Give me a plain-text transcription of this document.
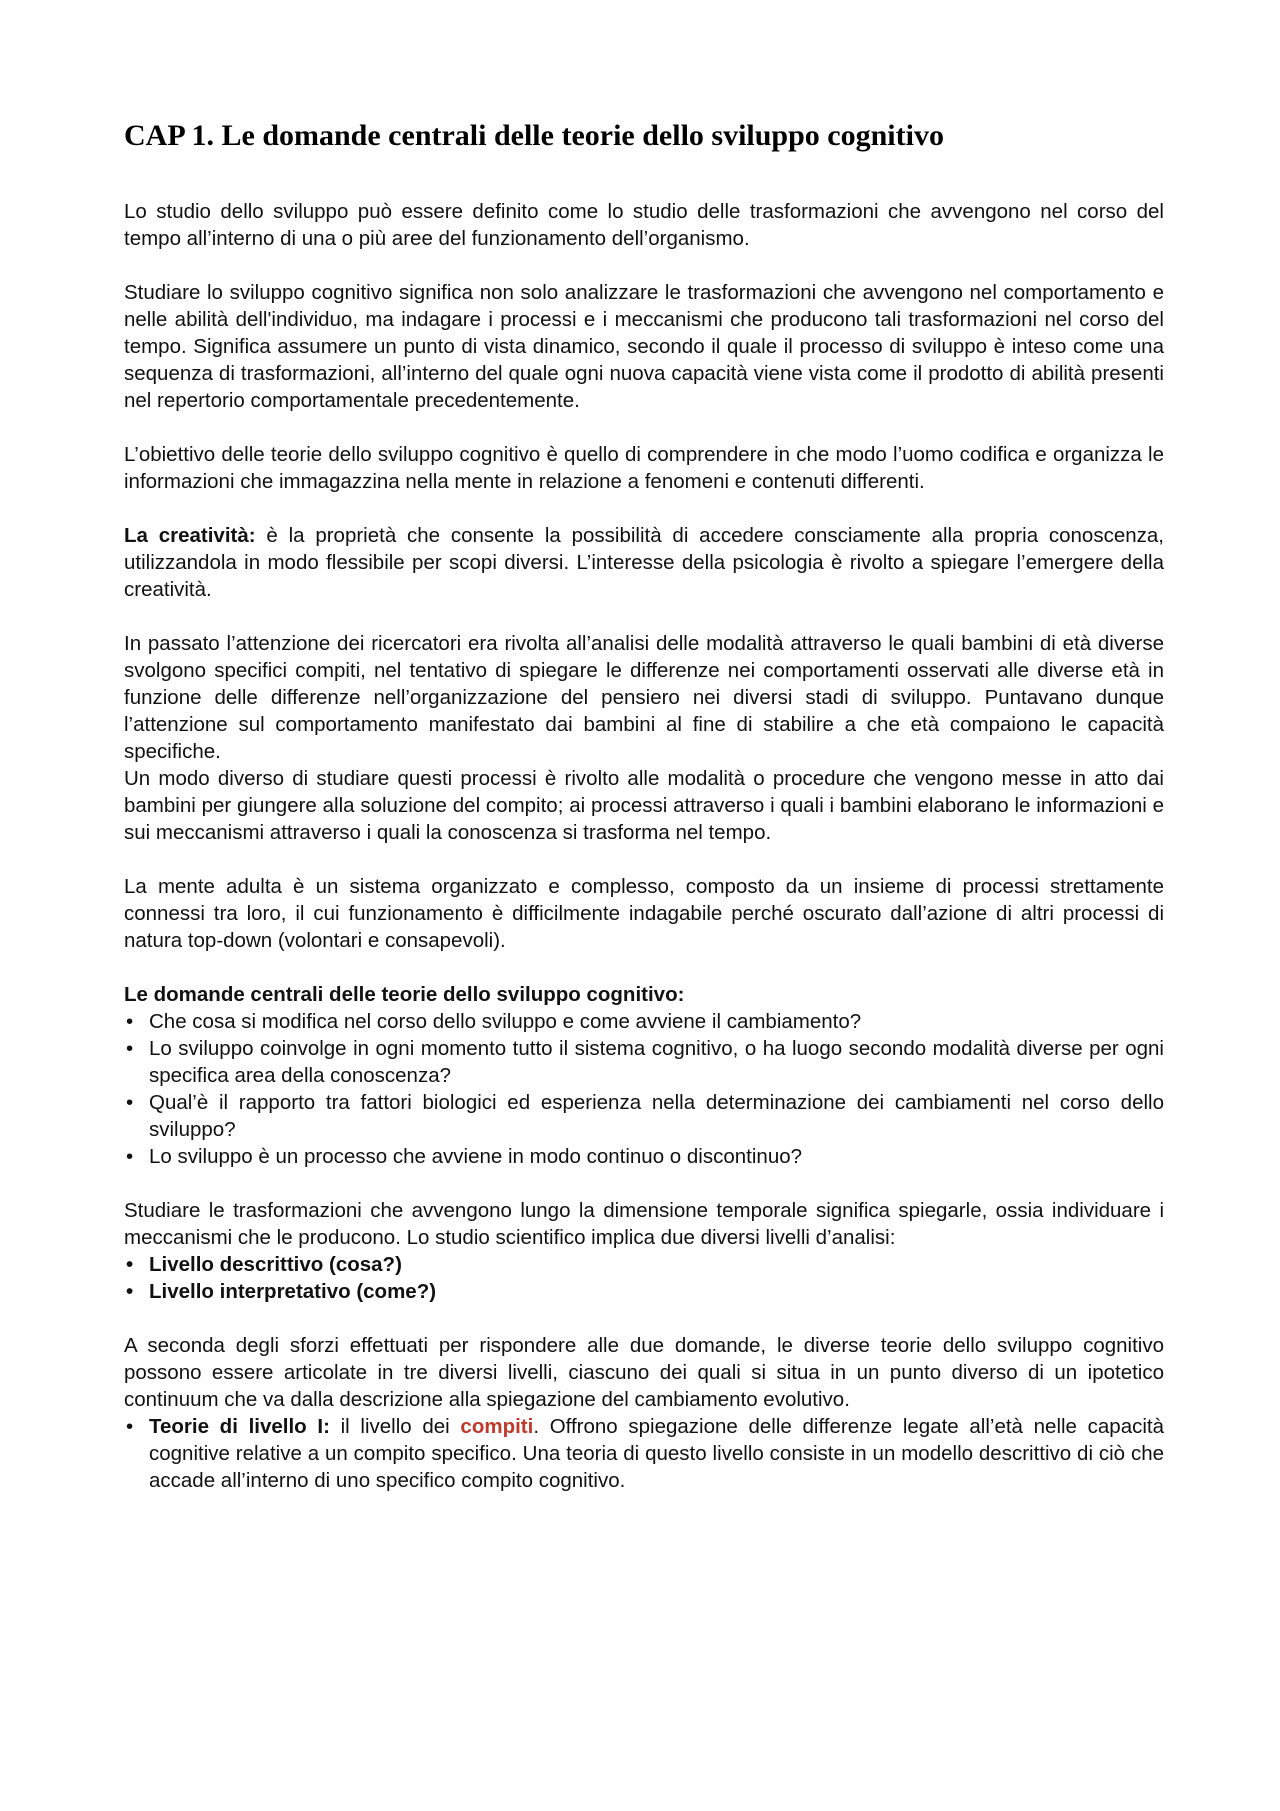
CAP 1. Le domande centrali delle teorie dello sviluppo cognitivo

Lo studio dello sviluppo può essere definito come lo studio delle trasformazioni che avvengono nel corso del tempo all’interno di una o più aree del funzionamento dell’organismo.

Studiare lo sviluppo cognitivo significa non solo analizzare le trasformazioni che avvengono nel comportamento e nelle abilità dell'individuo, ma indagare i processi e i meccanismi che producono tali trasformazioni nel corso del tempo. Significa assumere un punto di vista dinamico, secondo il quale il processo di sviluppo è inteso come una sequenza di trasformazioni, all’interno del quale ogni nuova capacità viene vista come il prodotto di abilità presenti nel repertorio comportamentale precedentemente.

L’obiettivo delle teorie dello sviluppo cognitivo è quello di comprendere in che modo l’uomo codifica e organizza le informazioni che immagazzina nella mente in relazione a fenomeni e contenuti differenti.

La creatività: è la proprietà che consente la possibilità di accedere consciamente alla propria conoscenza, utilizzandola in modo flessibile per scopi diversi. L’interesse della psicologia è rivolto a spiegare l’emergere della creatività.

In passato l’attenzione dei ricercatori era rivolta all’analisi delle modalità attraverso le quali bambini di età diverse svolgono specifici compiti, nel tentativo di spiegare le differenze nei comportamenti osservati alle diverse età in funzione delle differenze nell’organizzazione del pensiero nei diversi stadi di sviluppo. Puntavano dunque l’attenzione sul comportamento manifestato dai bambini al fine di stabilire a che età compaiono le capacità specifiche.

Un modo diverso di studiare questi processi è rivolto alle modalità o procedure che vengono messe in atto dai bambini per giungere alla soluzione del compito; ai processi attraverso i quali i bambini elaborano le informazioni e sui meccanismi attraverso i quali la conoscenza si trasforma nel tempo.

La mente adulta è un sistema organizzato e complesso, composto da un insieme di processi strettamente connessi tra loro, il cui funzionamento è difficilmente indagabile perché oscurato dall’azione di altri processi di natura top-down (volontari e consapevoli).

Le domande centrali delle teorie dello sviluppo cognitivo:

• Che cosa si modifica nel corso dello sviluppo e come avviene il cambiamento?
• Lo sviluppo coinvolge in ogni momento tutto il sistema cognitivo, o ha luogo secondo modalità diverse per ogni specifica area della conoscenza?
• Qual’è il rapporto tra fattori biologici ed esperienza nella determinazione dei cambiamenti nel corso dello sviluppo?
• Lo sviluppo è un processo che avviene in modo continuo o discontinuo?

Studiare le trasformazioni che avvengono lungo la dimensione temporale significa spiegarle, ossia individuare i meccanismi che le producono. Lo studio scientifico implica due diversi livelli d’analisi:

• Livello descrittivo (cosa?)
• Livello interpretativo (come?)

A seconda degli sforzi effettuati per rispondere alle due domande, le diverse teorie dello sviluppo cognitivo possono essere articolate in tre diversi livelli, ciascuno dei quali si situa in un punto diverso di un ipotetico continuum che va dalla descrizione alla spiegazione del cambiamento evolutivo.

• Teorie di livello I: il livello dei compiti. Offrono spiegazione delle differenze legate all’età nelle capacità cognitive relative a un compito specifico. Una teoria di questo livello consiste in un modello descrittivo di ciò che accade all’interno di uno specifico compito cognitivo.
